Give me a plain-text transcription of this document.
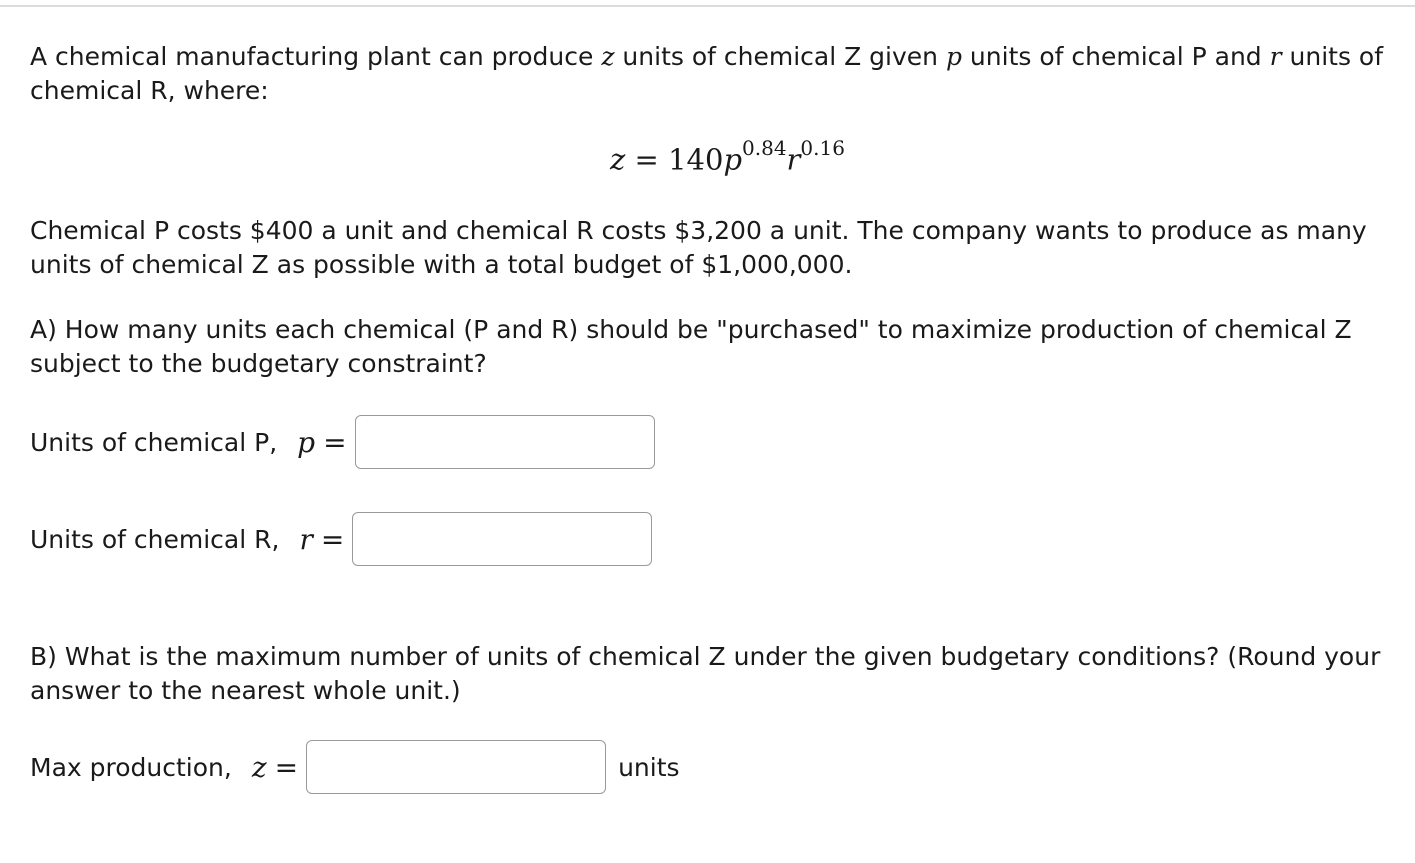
A chemical manufacturing plant can produce z units of chemical Z given p units of chemical P and r units of chemical R, where:

$z = 140p^{0.84}r^{0.16}$

Chemical P costs $400 a unit and chemical R costs $3,200 a unit. The company wants to produce as many units of chemical Z as possible with a total budget of $1,000,000.

A) How many units each chemical (P and R) should be "purchased" to maximize production of chemical Z subject to the budgetary constraint?

Units of chemical P, p =
Units of chemical R, r =

B) What is the maximum number of units of chemical Z under the given budgetary conditions? (Round your answer to the nearest whole unit.)

Max production, z =	units
